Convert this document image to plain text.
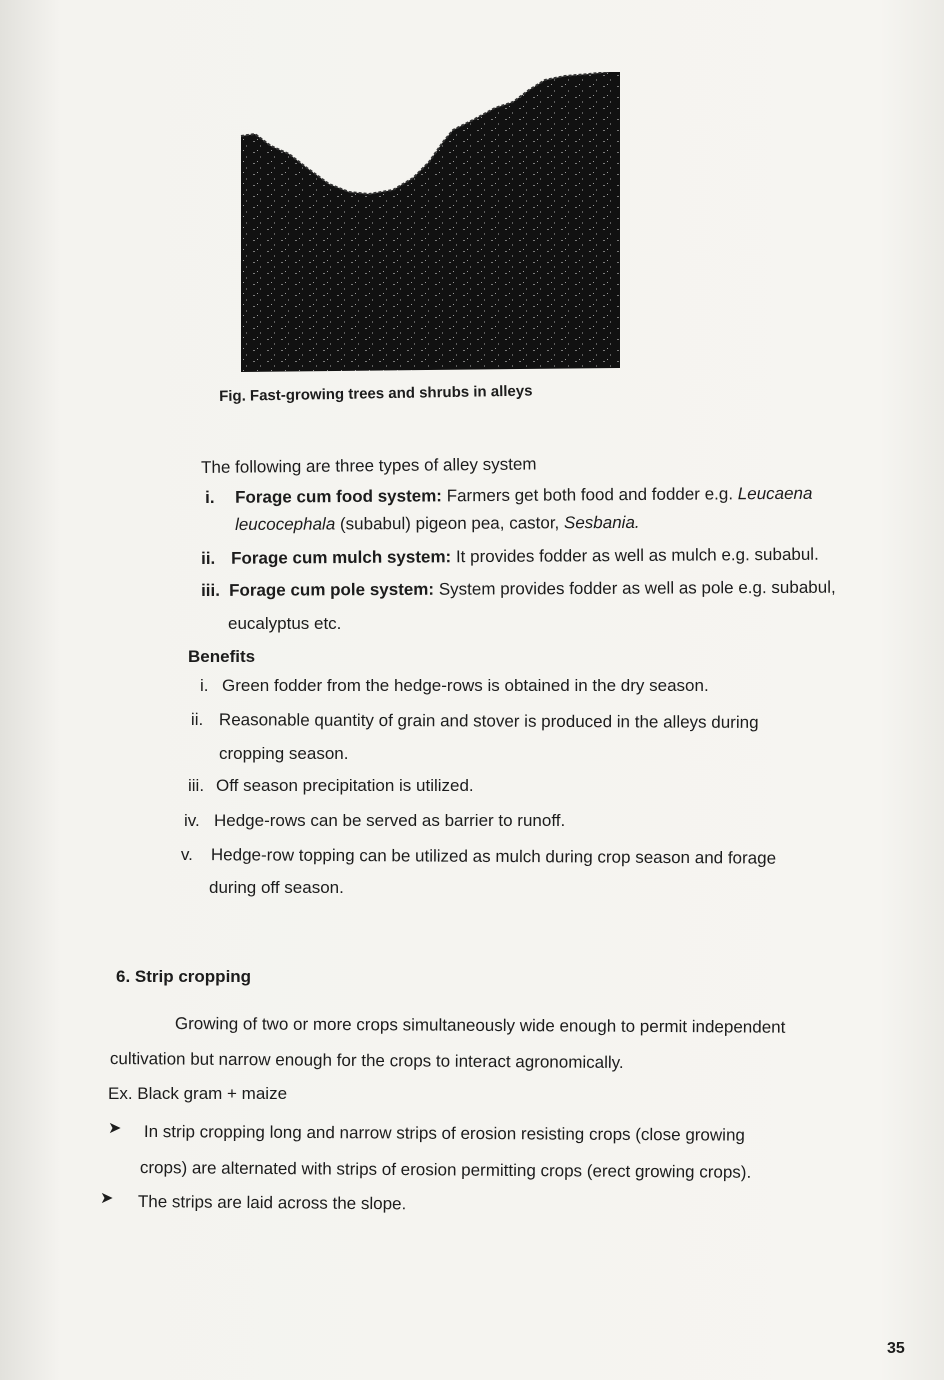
Fig. Fast-growing trees and shrubs in alleys
The following are three types of alley system
i. Forage cum food system: Farmers get both food and fodder e.g. Leucaena
leucocephala (subabul) pigeon pea, castor, Sesbania.
ii. Forage cum mulch system: It provides fodder as well as mulch e.g. subabul.
iii. Forage cum pole system: System provides fodder as well as pole e.g. subabul,
eucalyptus etc.
Benefits
i. Green fodder from the hedge-rows is obtained in the dry season.
ii. Reasonable quantity of grain and stover is produced in the alleys during
cropping season.
iii. Off season precipitation is utilized.
iv. Hedge-rows can be served as barrier to runoff.
v. Hedge-row topping can be utilized as mulch during crop season and forage
during off season.
6. Strip cropping
Growing of two or more crops simultaneously wide enough to permit independent
cultivation but narrow enough for the crops to interact agronomically.
Ex. Black gram + maize
➤ In strip cropping long and narrow strips of erosion resisting crops (close growing
crops) are alternated with strips of erosion permitting crops (erect growing crops).
➤ The strips are laid across the slope.
35
